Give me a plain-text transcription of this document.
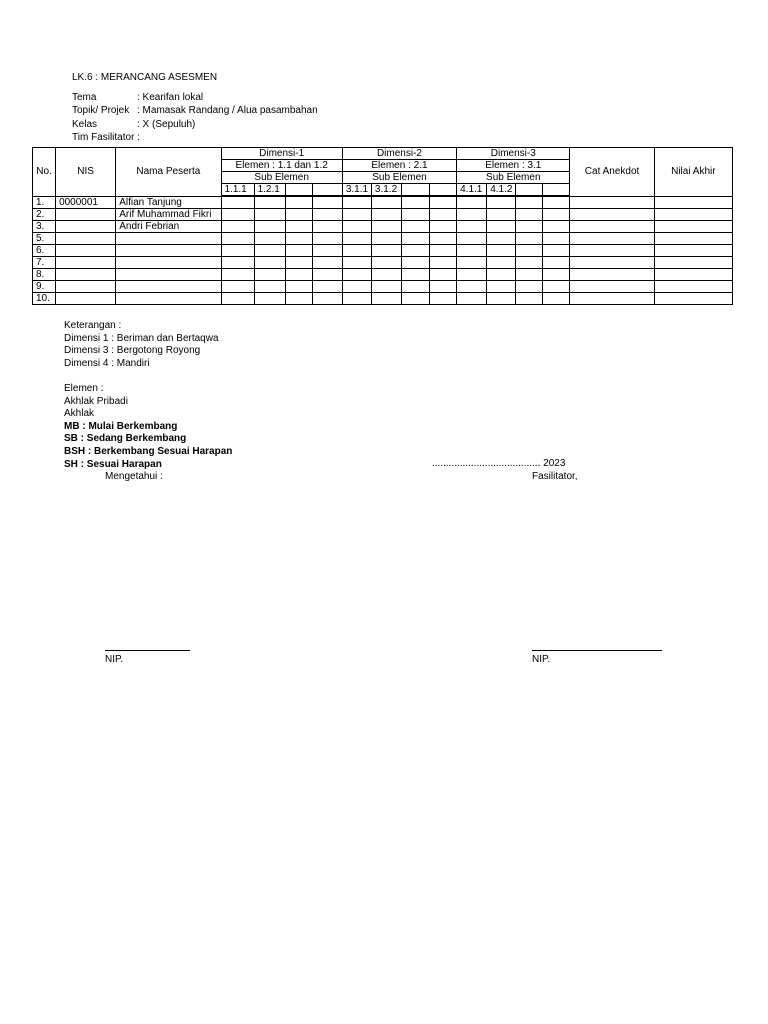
LK.6 : MERANCANG ASESMEN
Tema	: Kearifan lokal
Topik/ Projek : Mamasak Randang / Alua pasambahan
Kelas	: X (Sepuluh)
Tim Fasilitator :
No.	NIS	Nama Peserta	Dimensi-1				Dimensi-2				Dimensi-3				Cat Anekdot	Nilai Akhir
			Elemen : 1.1 dan 1.2				Elemen : 2.1				Elemen : 3.1					
			Sub Elemen				Sub Elemen				Sub Elemen					
			1.1.1	1.2.1			3.1.1	3.1.2			4.1.1	4.1.2				
1.	0000001	Alfian Tanjung														
2.		Arif Muhammad Fikri														
3.		Andri Febrian														
5.																
6.																
7.																
8.																
9.																
10.																
Keterangan :
Dimensi 1 : Beriman dan Bertaqwa
Dimensi 3 : Bergotong Royong
Dimensi 4 : Mandiri
Elemen :
Akhlak Pribadi
Akhlak
MB : Mulai Berkembang
SB : Sedang Berkembang
BSH : Berkembang Sesuai Harapan
SH : Sesuai Harapan	....................................... 2023
Mengetahui :	Fasilitator,
NIP.	NIP.
